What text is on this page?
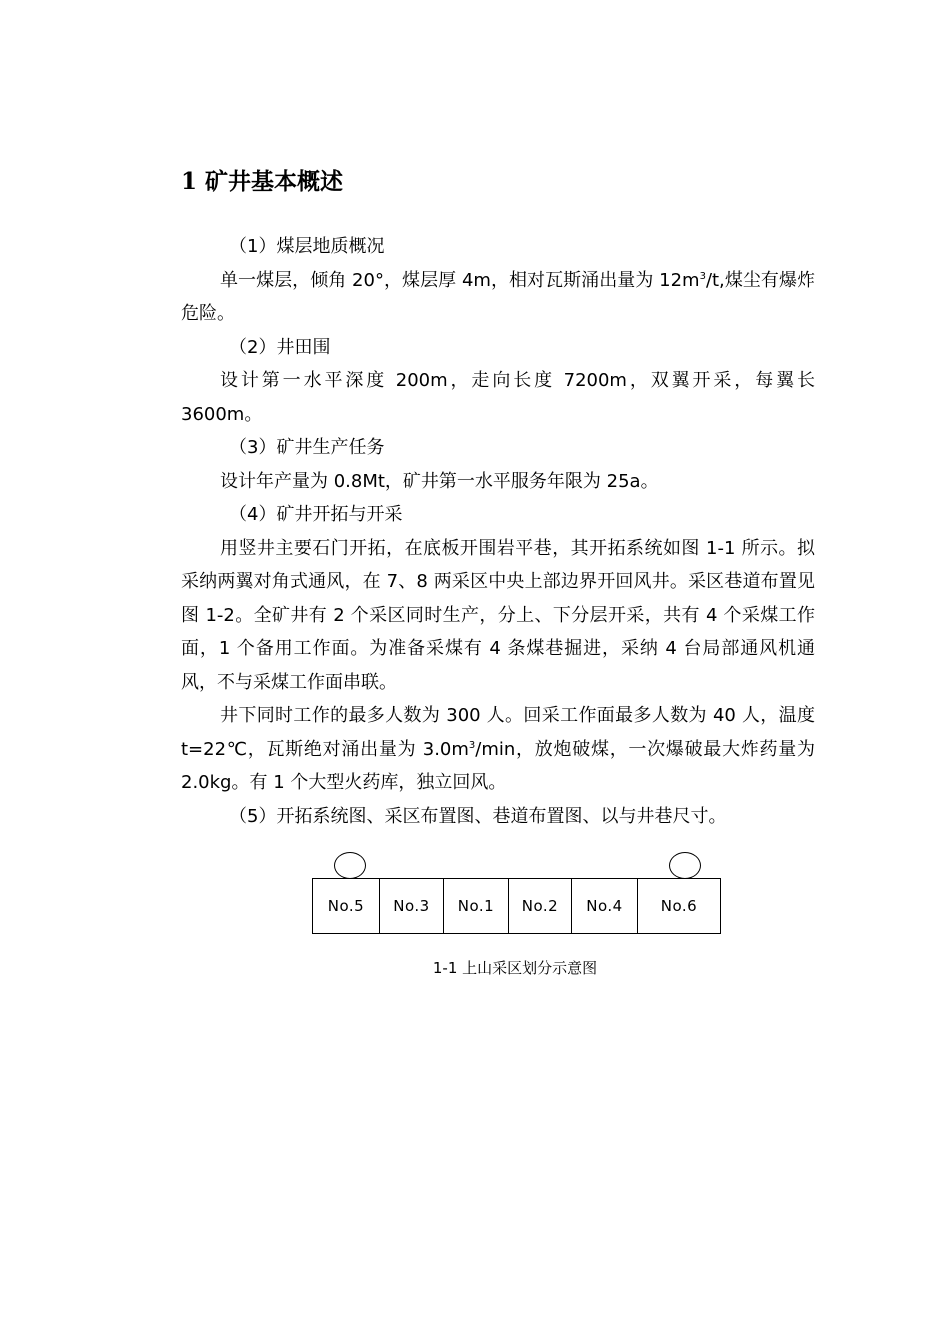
1 矿井基本概述

（1）煤层地质概况

单一煤层，倾角 20°，煤层厚 4m，相对瓦斯涌出量为 $12m^3/t$,煤尘有爆炸危险。

（2）井田围

设计第一水平深度 200m，走向长度 7200m，双翼开采，每翼长 3600m。

（3）矿井生产任务

设计年产量为 0.8Mt，矿井第一水平服务年限为 25a。

（4）矿井开拓与开采

用竖井主要石门开拓，在底板开围岩平巷，其开拓系统如图 1-1 所示。拟采纳两翼对角式通风，在 7、8 两采区中央上部边界开回风井。采区巷道布置见图 1-2。全矿井有 2 个采区同时生产，分上、下分层开采，共有 4 个采煤工作面，1 个备用工作面。为准备采煤有 4 条煤巷掘进，采纳 4 台局部通风机通风，不与采煤工作面串联。

井下同时工作的最多人数为 300 人。回采工作面最多人数为 40 人，温度 t=22℃，瓦斯绝对涌出量为 $3.0m^3/\min$，放炮破煤，一次爆破最大炸药量为 2.0kg。有 1 个大型火药库，独立回风。

（5）开拓系统图、采区布置图、巷道布置图、以与井巷尺寸。

No.5	No.3	No.1	No.2	No.4	No.6
1-1 上山采区划分示意图
